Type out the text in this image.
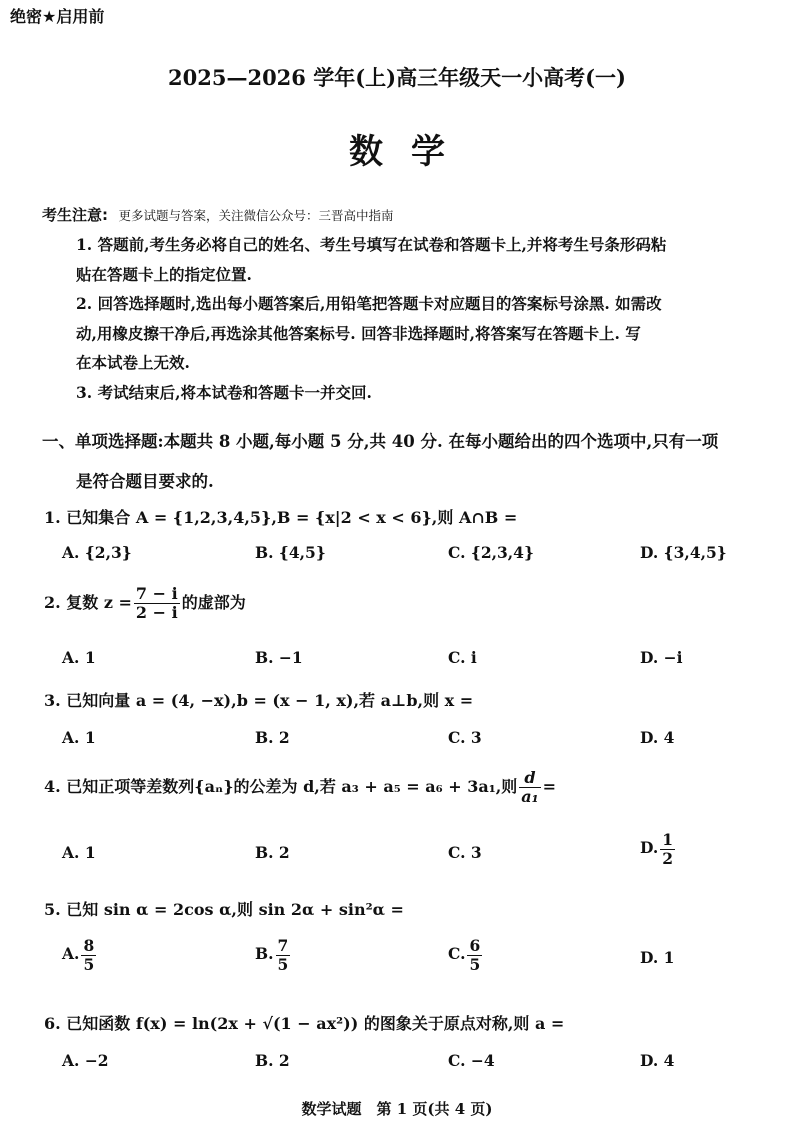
绝密★启用前
2025—2026 学年(上)高三年级天一小高考(一)
数学
考生注意: 更多试题与答案，关注微信公众号：三晋高中指南
1. 答题前,考生务必将自己的姓名、考生号填写在试卷和答题卡上,并将考生号条形码粘
贴在答题卡上的指定位置.
2. 回答选择题时,选出每小题答案后,用铅笔把答题卡对应题目的答案标号涂黑. 如需改
动,用橡皮擦干净后,再选涂其他答案标号. 回答非选择题时,将答案写在答题卡上. 写
在本试卷上无效.
3. 考试结束后,将本试卷和答题卡一并交回.
一、单项选择题:本题共 8 小题,每小题 5 分,共 40 分. 在每小题给出的四个选项中,只有一项
是符合题目要求的.
1. 已知集合 A = {1,2,3,4,5},B = {x|2 < x < 6},则 A∩B =
A. {2,3}	B. {4,5}	C. {2,3,4}	D. {3,4,5}
2. 复数 $z = \frac{7 - i}{2 - i}$ 的虚部为
A. 1	B. −1	C. i	D. −i
3. 已知向量 a = (4, −x),b = (x − 1, x),若 a⊥b,则 x =
A. 1	B. 2	C. 3	D. 4
4. 已知正项等差数列{aₙ}的公差为 d,若 a₃ + a₅ = a₆ + 3a₁,则 $\frac{d}{\text{a₁}}$ =
A. 1	B. 2	C. 3	D. $\frac{1}{2}$
5. 已知 sin α = 2cos α,则 sin 2α + sin²α =
A. $\frac{8}{5}$	B. $\frac{7}{5}$	C. $\frac{6}{5}$	D. 1
6. 已知函数 f(x) = ln(2x + √(1 − ax²)) 的图象关于原点对称,则 a =
A. −2	B. 2	C. −4	D. 4
数学试题　第 1 页(共 4 页)
